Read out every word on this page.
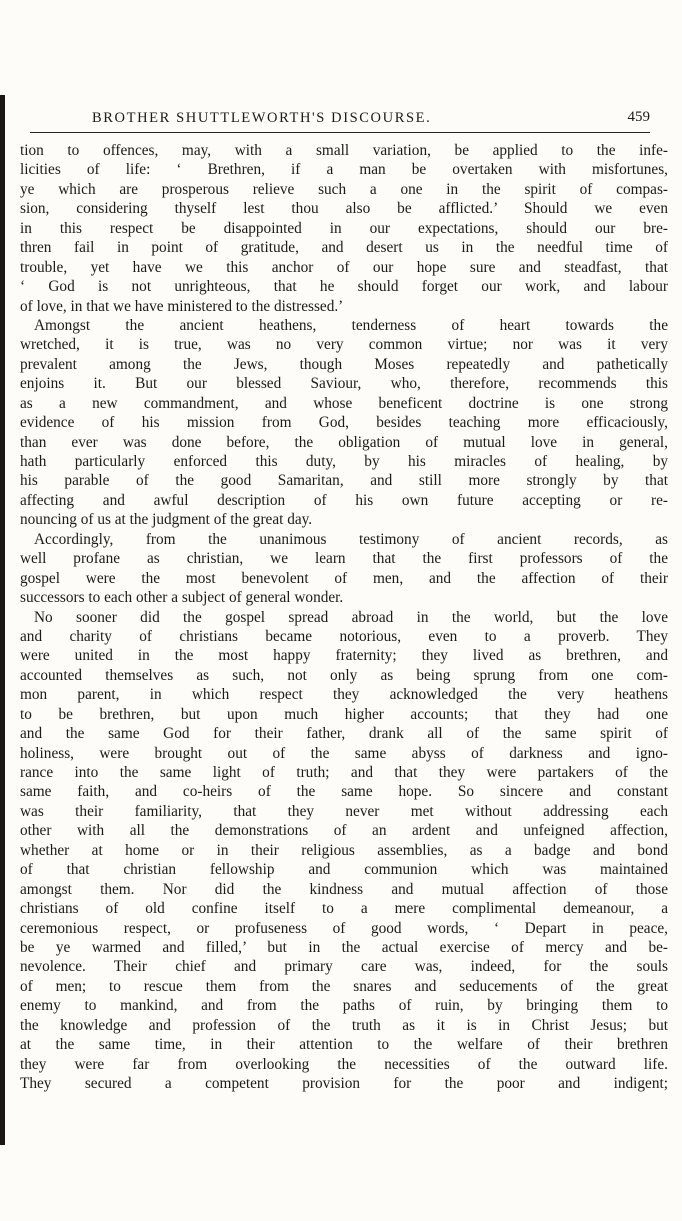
BROTHER SHUTTLEWORTH'S DISCOURSE.	459
tion to offences, may, with a small variation, be applied to the infe-
licities of life: ‘ Brethren, if a man be overtaken with misfortunes,
ye which are prosperous relieve such a one in the spirit of compas-
sion, considering thyself lest thou also be afflicted.’ Should we even
in this respect be disappointed in our expectations, should our bre-
thren fail in point of gratitude, and desert us in the needful time of
trouble, yet have we this anchor of our hope sure and steadfast, that
‘ God is not unrighteous, that he should forget our work, and labour
of love, in that we have ministered to the distressed.’
Amongst the ancient heathens, tenderness of heart towards the
wretched, it is true, was no very common virtue; nor was it very
prevalent among the Jews, though Moses repeatedly and pathetically
enjoins it. But our blessed Saviour, who, therefore, recommends this
as a new commandment, and whose beneficent doctrine is one strong
evidence of his mission from God, besides teaching more efficaciously,
than ever was done before, the obligation of mutual love in general,
hath particularly enforced this duty, by his miracles of healing, by
his parable of the good Samaritan, and still more strongly by that
affecting and awful description of his own future accepting or re-
nouncing of us at the judgment of the great day.
Accordingly, from the unanimous testimony of ancient records, as
well profane as christian, we learn that the first professors of the
gospel were the most benevolent of men, and the affection of their
successors to each other a subject of general wonder.
No sooner did the gospel spread abroad in the world, but the love
and charity of christians became notorious, even to a proverb. They
were united in the most happy fraternity; they lived as brethren, and
accounted themselves as such, not only as being sprung from one com-
mon parent, in which respect they acknowledged the very heathens
to be brethren, but upon much higher accounts; that they had one
and the same God for their father, drank all of the same spirit of
holiness, were brought out of the same abyss of darkness and igno-
rance into the same light of truth; and that they were partakers of the
same faith, and co-heirs of the same hope. So sincere and constant
was their familiarity, that they never met without addressing each
other with all the demonstrations of an ardent and unfeigned affection,
whether at home or in their religious assemblies, as a badge and bond
of that christian fellowship and communion which was maintained
amongst them. Nor did the kindness and mutual affection of those
christians of old confine itself to a mere complimental demeanour, a
ceremonious respect, or profuseness of good words, ‘ Depart in peace,
be ye warmed and filled,’ but in the actual exercise of mercy and be-
nevolence. Their chief and primary care was, indeed, for the souls
of men; to rescue them from the snares and seducements of the great
enemy to mankind, and from the paths of ruin, by bringing them to
the knowledge and profession of the truth as it is in Christ Jesus; but
at the same time, in their attention to the welfare of their brethren
they were far from overlooking the necessities of the outward life.
They secured a competent provision for the poor and indigent;
